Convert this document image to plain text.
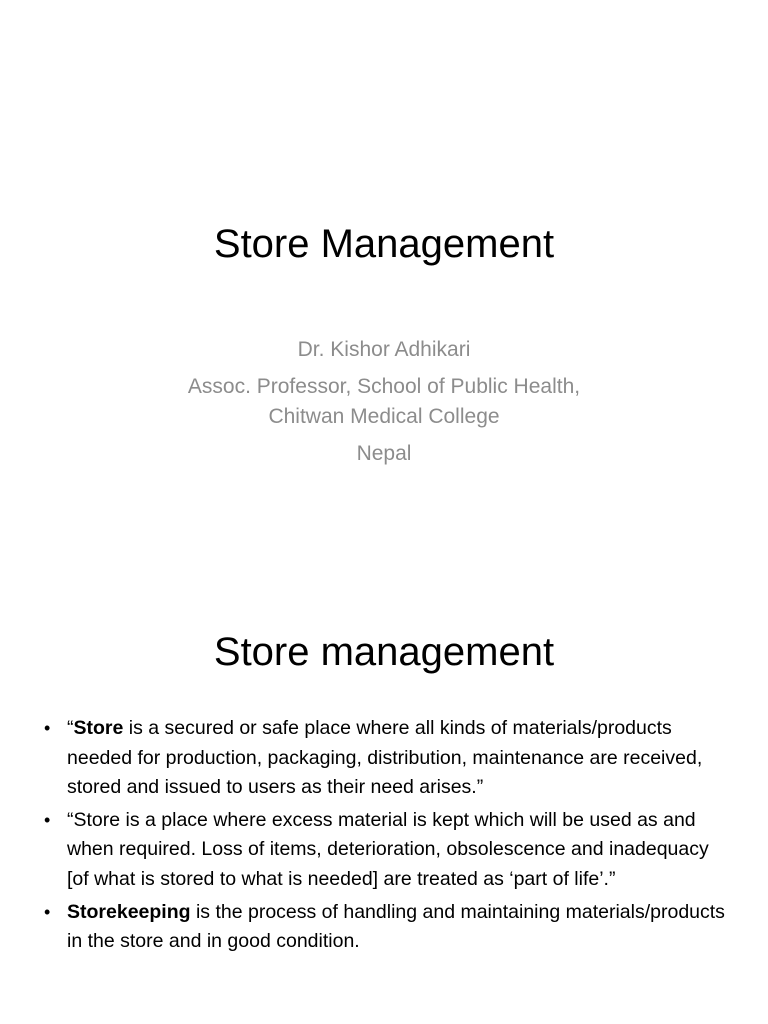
Store Management
Dr. Kishor Adhikari
Assoc. Professor, School of Public Health,
Chitwan Medical College
Nepal
Store management
• “Store is a secured or safe place where all kinds of materials/products needed for production, packaging, distribution, maintenance are received, stored and issued to users as their need arises.”
• “Store is a place where excess material is kept which will be used as and when required. Loss of items, deterioration, obsolescence and inadequacy [of what is stored to what is needed] are treated as ‘part of life’.”
• Storekeeping is the process of handling and maintaining materials/products in the store and in good condition.
